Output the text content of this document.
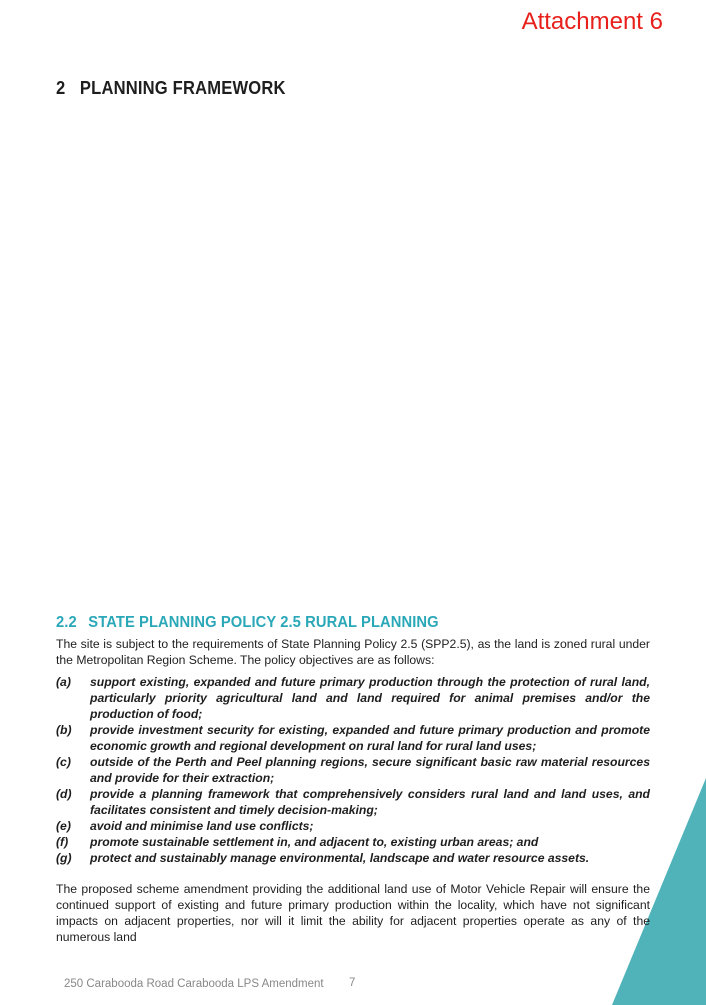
Attachment 6
2 PLANNING FRAMEWORK
2.2 STATE PLANNING POLICY 2.5 RURAL PLANNING

The site is subject to the requirements of State Planning Policy 2.5 (SPP2.5), as the land is zoned rural under the Metropolitan Region Scheme. The policy objectives are as follows:

(a)	support existing, expanded and future primary production through the protection of rural land, particularly priority agricultural land and land required for animal premises and/or the production of food;
(b)	provide investment security for existing, expanded and future primary production and promote economic growth and regional development on rural land for rural land uses;
(c)	outside of the Perth and Peel planning regions, secure significant basic raw material resources and provide for their extraction;
(d)	provide a planning framework that comprehensively considers rural land and land uses, and facilitates consistent and timely decision-making;
(e)	avoid and minimise land use conflicts;
(f)	promote sustainable settlement in, and adjacent to, existing urban areas; and
(g)	protect and sustainably manage environmental, landscape and water resource assets.

The proposed scheme amendment providing the additional land use of Motor Vehicle Repair will ensure the continued support of existing and future primary production within the locality, which have not significant impacts on adjacent properties, nor will it limit the ability for adjacent properties operate as any of the numerous land

250 Carabooda Road Carabooda LPS Amendment 7
